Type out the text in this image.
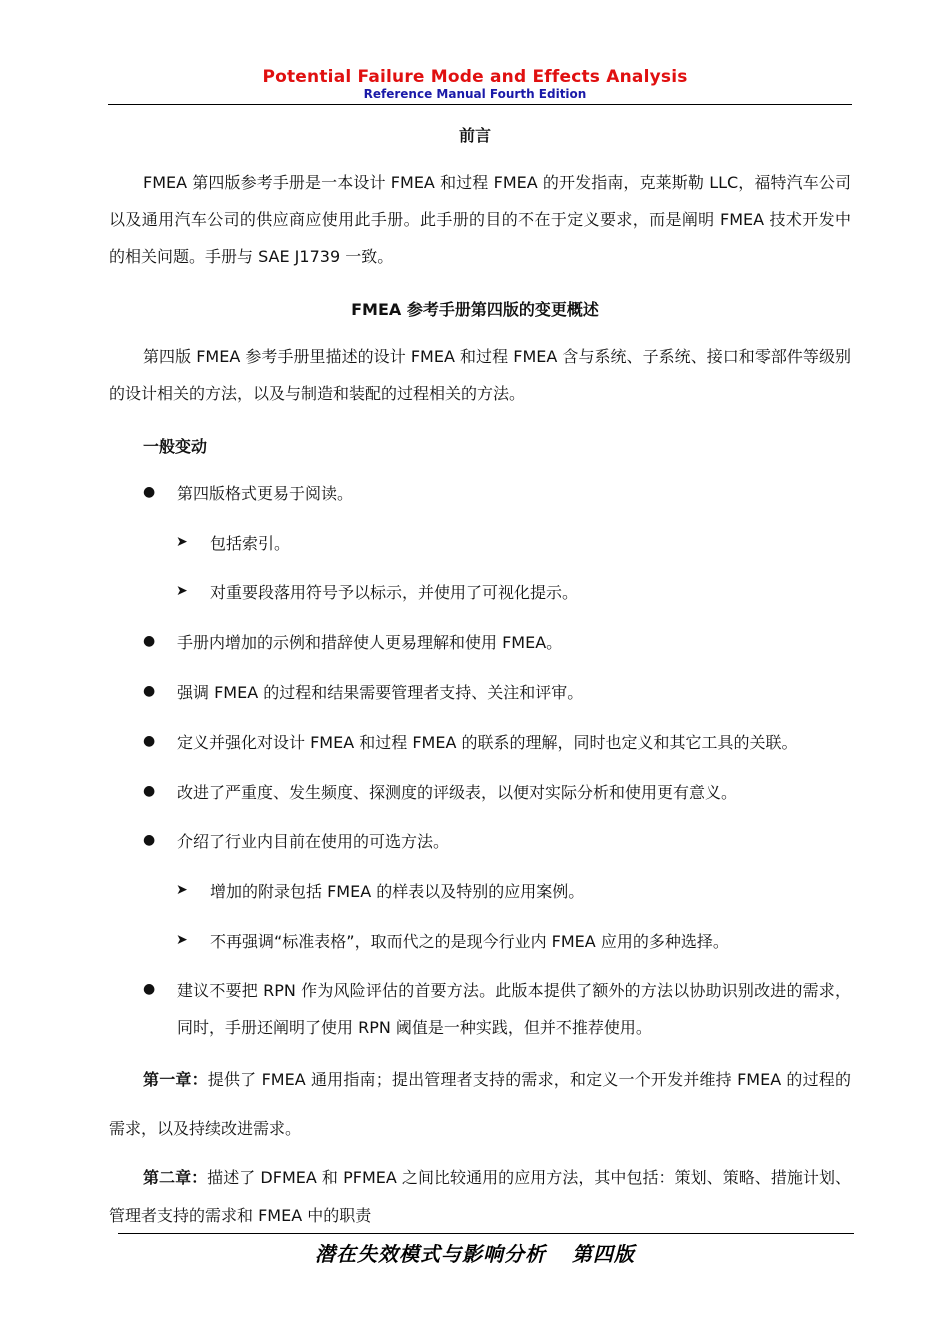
Potential Failure Mode and Effects Analysis
Reference Manual Fourth Edition
前言
FMEA 第四版参考手册是一本设计 FMEA 和过程 FMEA 的开发指南，克莱斯勒 LLC，福特汽车公司以及通用汽车公司的供应商应使用此手册。此手册的目的不在于定义要求，而是阐明 FMEA 技术开发中的相关问题。手册与 SAE J1739 一致。
FMEA 参考手册第四版的变更概述
第四版 FMEA 参考手册里描述的设计 FMEA 和过程 FMEA 含与系统、子系统、接口和零部件等级别的设计相关的方法，以及与制造和装配的过程相关的方法。
一般变动
● 第四版格式更易于阅读。
➤ 包括索引。
➤ 对重要段落用符号予以标示，并使用了可视化提示。
● 手册内增加的示例和措辞使人更易理解和使用 FMEA。
● 强调 FMEA 的过程和结果需要管理者支持、关注和评审。
● 定义并强化对设计 FMEA 和过程 FMEA 的联系的理解，同时也定义和其它工具的关联。
● 改进了严重度、发生频度、探测度的评级表，以便对实际分析和使用更有意义。
● 介绍了行业内目前在使用的可选方法。
➤ 增加的附录包括 FMEA 的样表以及特别的应用案例。
➤ 不再强调“标准表格”，取而代之的是现今行业内 FMEA 应用的多种选择。
● 建议不要把 RPN 作为风险评估的首要方法。此版本提供了额外的方法以协助识别改进的需求，同时，手册还阐明了使用 RPN 阈值是一种实践，但并不推荐使用。
第一章：提供了 FMEA 通用指南；提出管理者支持的需求，和定义一个开发并维持 FMEA 的过程的需求，以及持续改进需求。
第二章：描述了 DFMEA 和 PFMEA 之间比较通用的应用方法，其中包括：策划、策略、措施计划、管理者支持的需求和 FMEA 中的职责
潜在失效模式与影响分析 第四版
